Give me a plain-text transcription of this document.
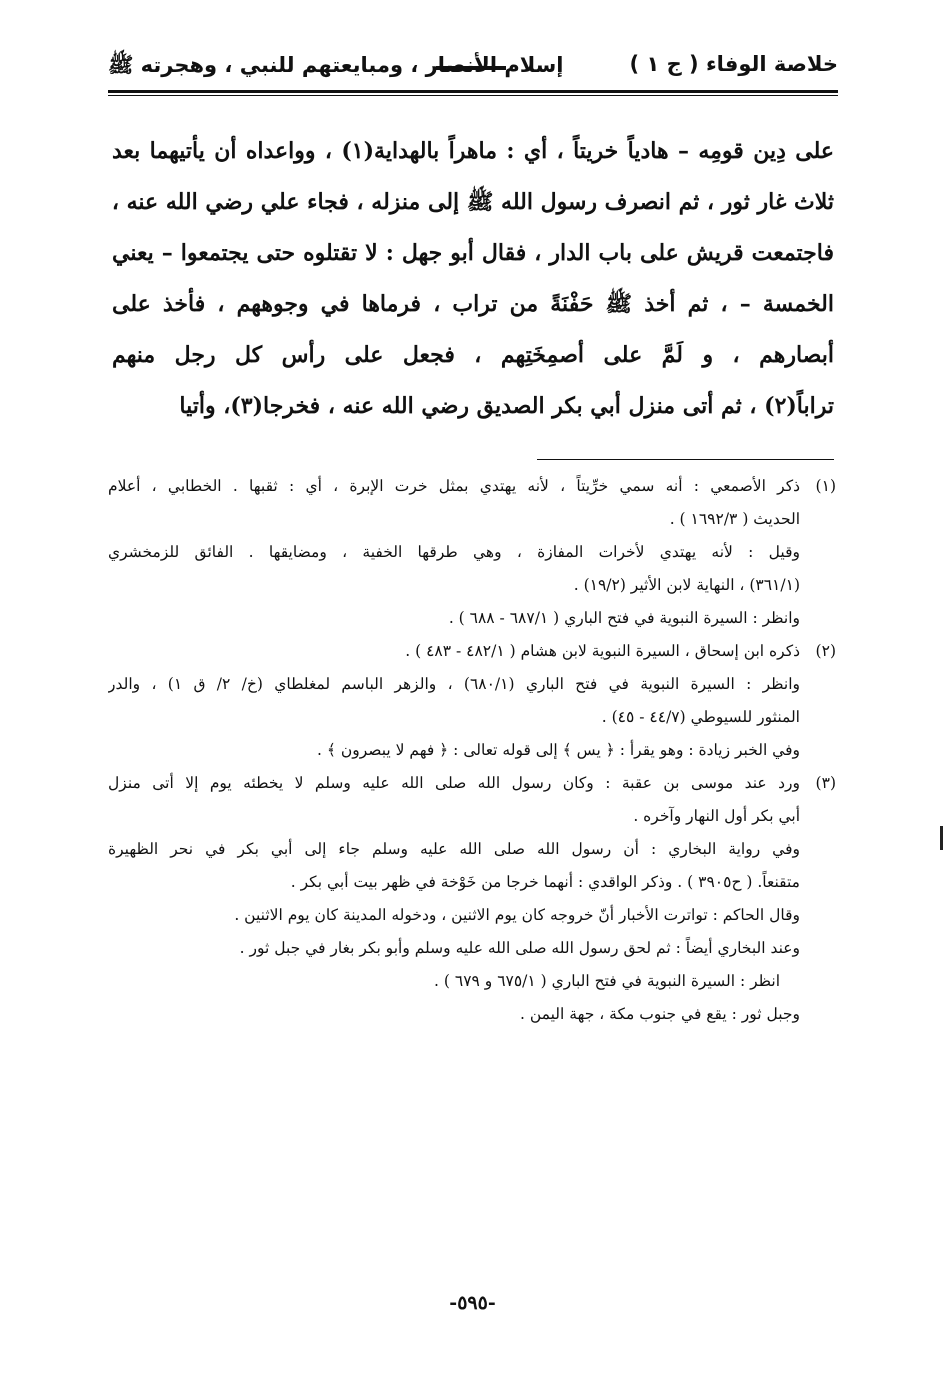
خلاصة الوفاء ( ج ١ )
إسلام الأنصار ، ومبايعتهم للنبي ، وهجرته ﷺ
على دِين قومِه – هادياً خريتاً ، أي : ماهراً بالهداية(١) ، وواعداه أن يأتيهما بعد
ثلاث غار ثور ، ثم انصرف رسول الله ﷺ إلى منزله ، فجاء علي رضي الله عنه ،
فاجتمعت قريش على باب الدار ، فقال أبو جهل : لا تقتلوه حتى يجتمعوا – يعني
الخمسة – ، ثم أخذ ﷺ حَفْنَةً من تراب ، فرماها في وجوههم ، فأخذ على
أبصارهم ، و لَمَّ على أصمِخَتِهم ، فجعل على رأس كل رجل منهم
تراباً(٢) ، ثم أتى منزل أبي بكر الصديق رضي الله عنه ، فخرجا(٣)، وأتيا
(١)ذكر الأصمعي : أنه سمي خرِّيتاً ، لأنه يهتدي بمثل خرت الإبرة ، أي : ثقبها . الخطابي ، أعلام
الحديث ( ١٦٩٢/٣ ) .
وقيل : لأنه يهتدي لأخرات المفازة ، وهي طرقها الخفية ، ومضايقها . الفائق للزمخشري
(٣٦١/١) ، النهاية لابن الأثير (١٩/٢) .
وانظر : السيرة النبوية في فتح الباري ( ٦٨٧/١ - ٦٨٨ ) .
(٢)ذكره ابن إسحاق ، السيرة النبوية لابن هشام ( ٤٨٢/١ - ٤٨٣ ) .
وانظر : السيرة النبوية في فتح الباري (٦٨٠/١) ، والزهر الباسم لمغلطاي (خ/ ٢/ ق ١) ، والدر
المنثور للسيوطي (٤٤/٧ - ٤٥) .
وفي الخبر زيادة : وهو يقرأ : ﴿ يس ﴾ إلى قوله تعالى : ﴿ فهم لا يبصرون ﴾ .
(٣)ورد عند موسى بن عقبة : وكان رسول الله صلى الله عليه وسلم لا يخطئه يوم إلا أتى منزل
أبي بكر أول النهار وآخره .
وفي رواية البخاري : أن رسول الله صلى الله عليه وسلم جاء إلى أبي بكر في نحر الظهيرة
متقنعاً. ( ح٣٩٠٥ ) . وذكر الواقدي : أنهما خرجا من خَوْخة في ظهر بيت أبي بكر .
وقال الحاكم : تواترت الأخبار أنّ خروجه كان يوم الاثنين ، ودخوله المدينة كان يوم الاثنين .
وعند البخاري أيضاً : ثم لحق رسول الله صلى الله عليه وسلم وأبو بكر بغار في جبل ثور .
انظر : السيرة النبوية في فتح الباري ( ٦٧٥/١ و ٦٧٩ ) .
وجبل ثور : يقع في جنوب مكة ، جهة اليمن .
-٥٩٥-
